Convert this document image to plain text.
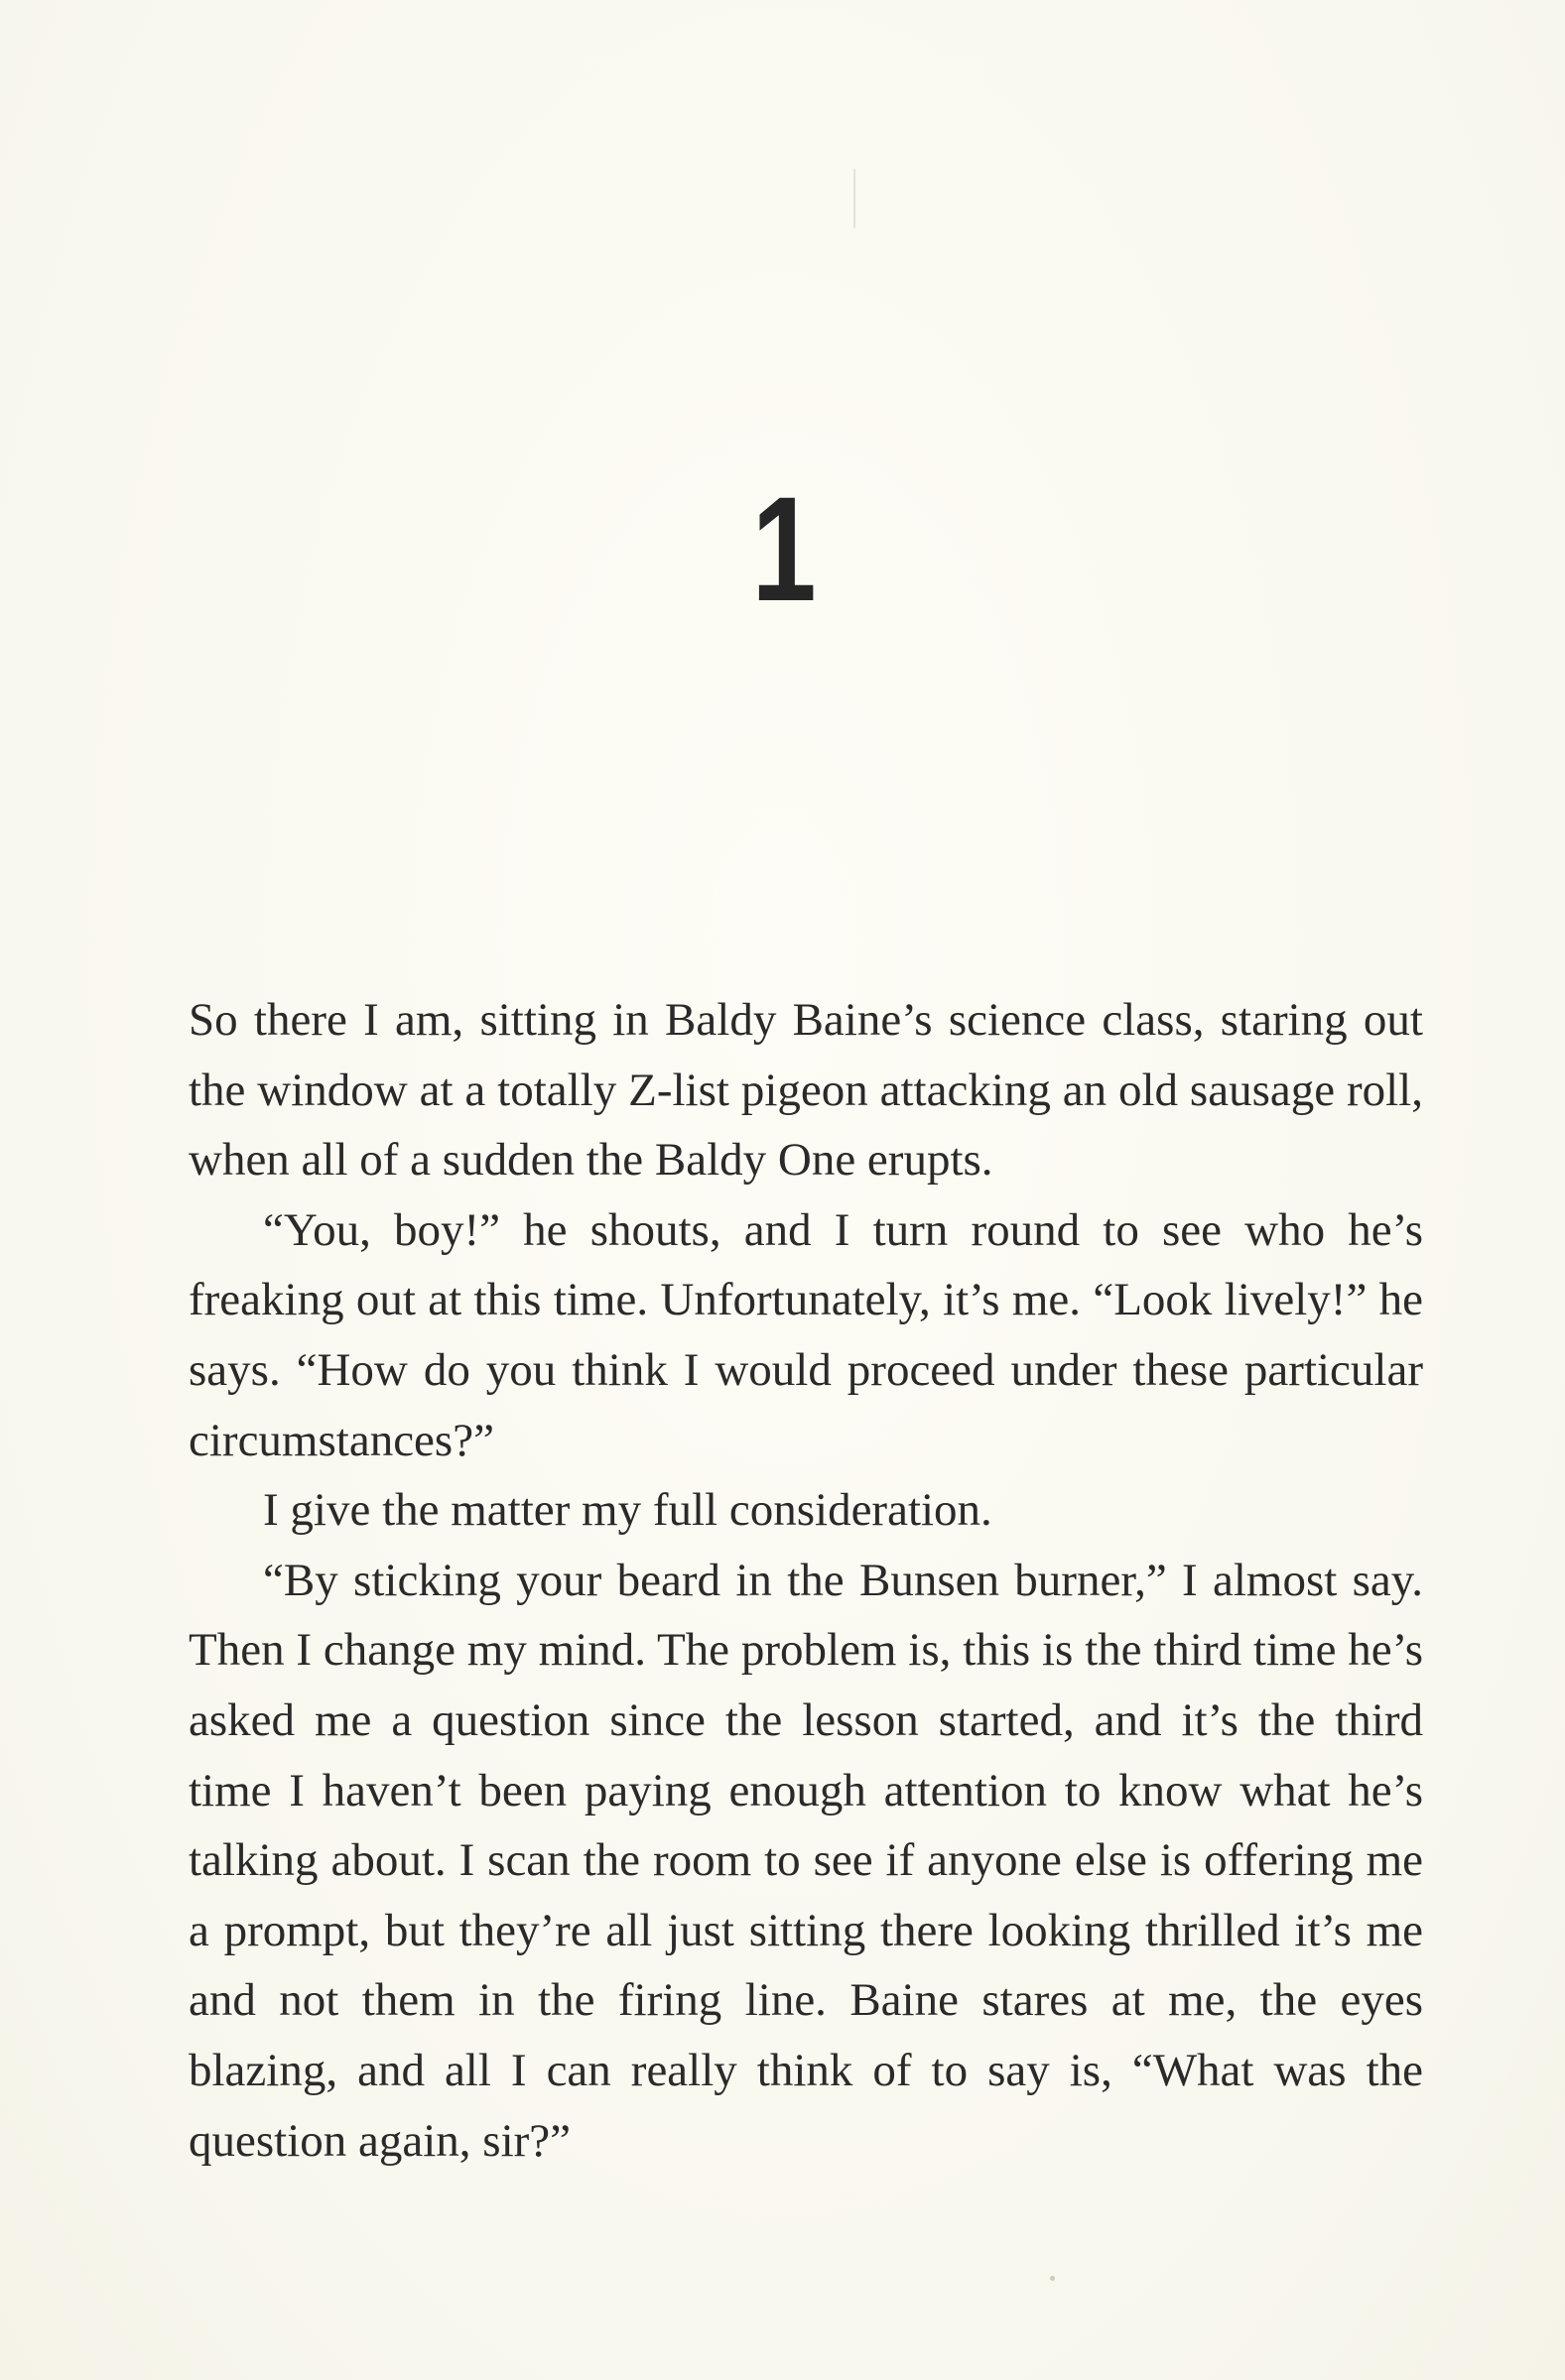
1

So there I am, sitting in Baldy Baine’s science class, staring out the window at a totally Z-list pigeon attacking an old sausage roll, when all of a sudden the Baldy One erupts.

“You, boy!” he shouts, and I turn round to see who he’s freaking out at this time. Unfortunately, it’s me. “Look lively!” he says. “How do you think I would proceed under these particular circumstances?”

I give the matter my full consideration.

“By sticking your beard in the Bunsen burner,” I almost say. Then I change my mind. The problem is, this is the third time he’s asked me a question since the lesson started, and it’s the third time I haven’t been paying enough attention to know what he’s talking about. I scan the room to see if anyone else is offering me a prompt, but they’re all just sitting there looking thrilled it’s me and not them in the firing line. Baine stares at me, the eyes blazing, and all I can really think of to say is, “What was the question again, sir?”
